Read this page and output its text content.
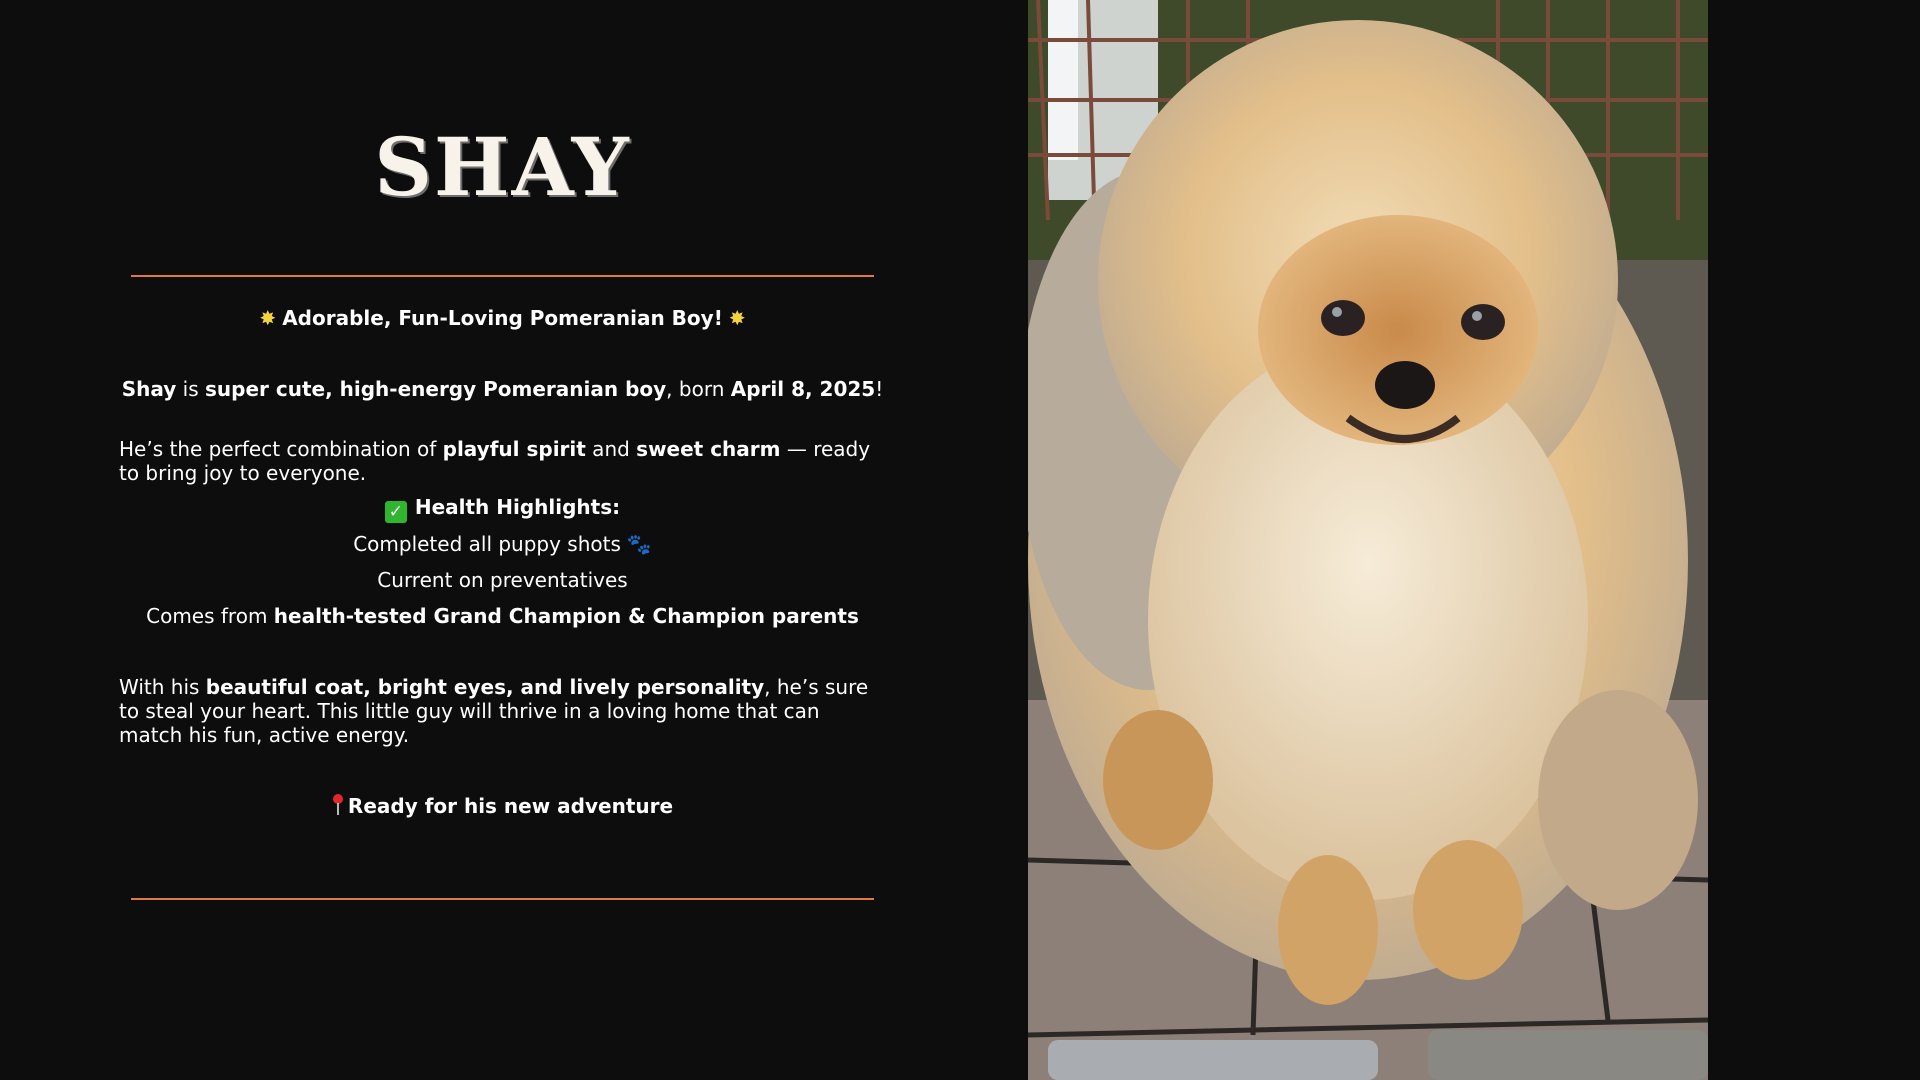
SHAY
✸ Adorable, Fun-Loving Pomeranian Boy! ✸
Shay is super cute, high-energy Pomeranian boy, born April 8, 2025!
He’s the perfect combination of playful spirit and sweet charm — ready to bring joy to everyone.
✓ Health Highlights:
Completed all puppy shots 🐾
Current on preventatives
Comes from health-tested Grand Champion & Champion parents
With his beautiful coat, bright eyes, and lively personality, he’s sure to steal your heart. This little guy will thrive in a loving home that can match his fun, active energy.
Ready for his new adventure
